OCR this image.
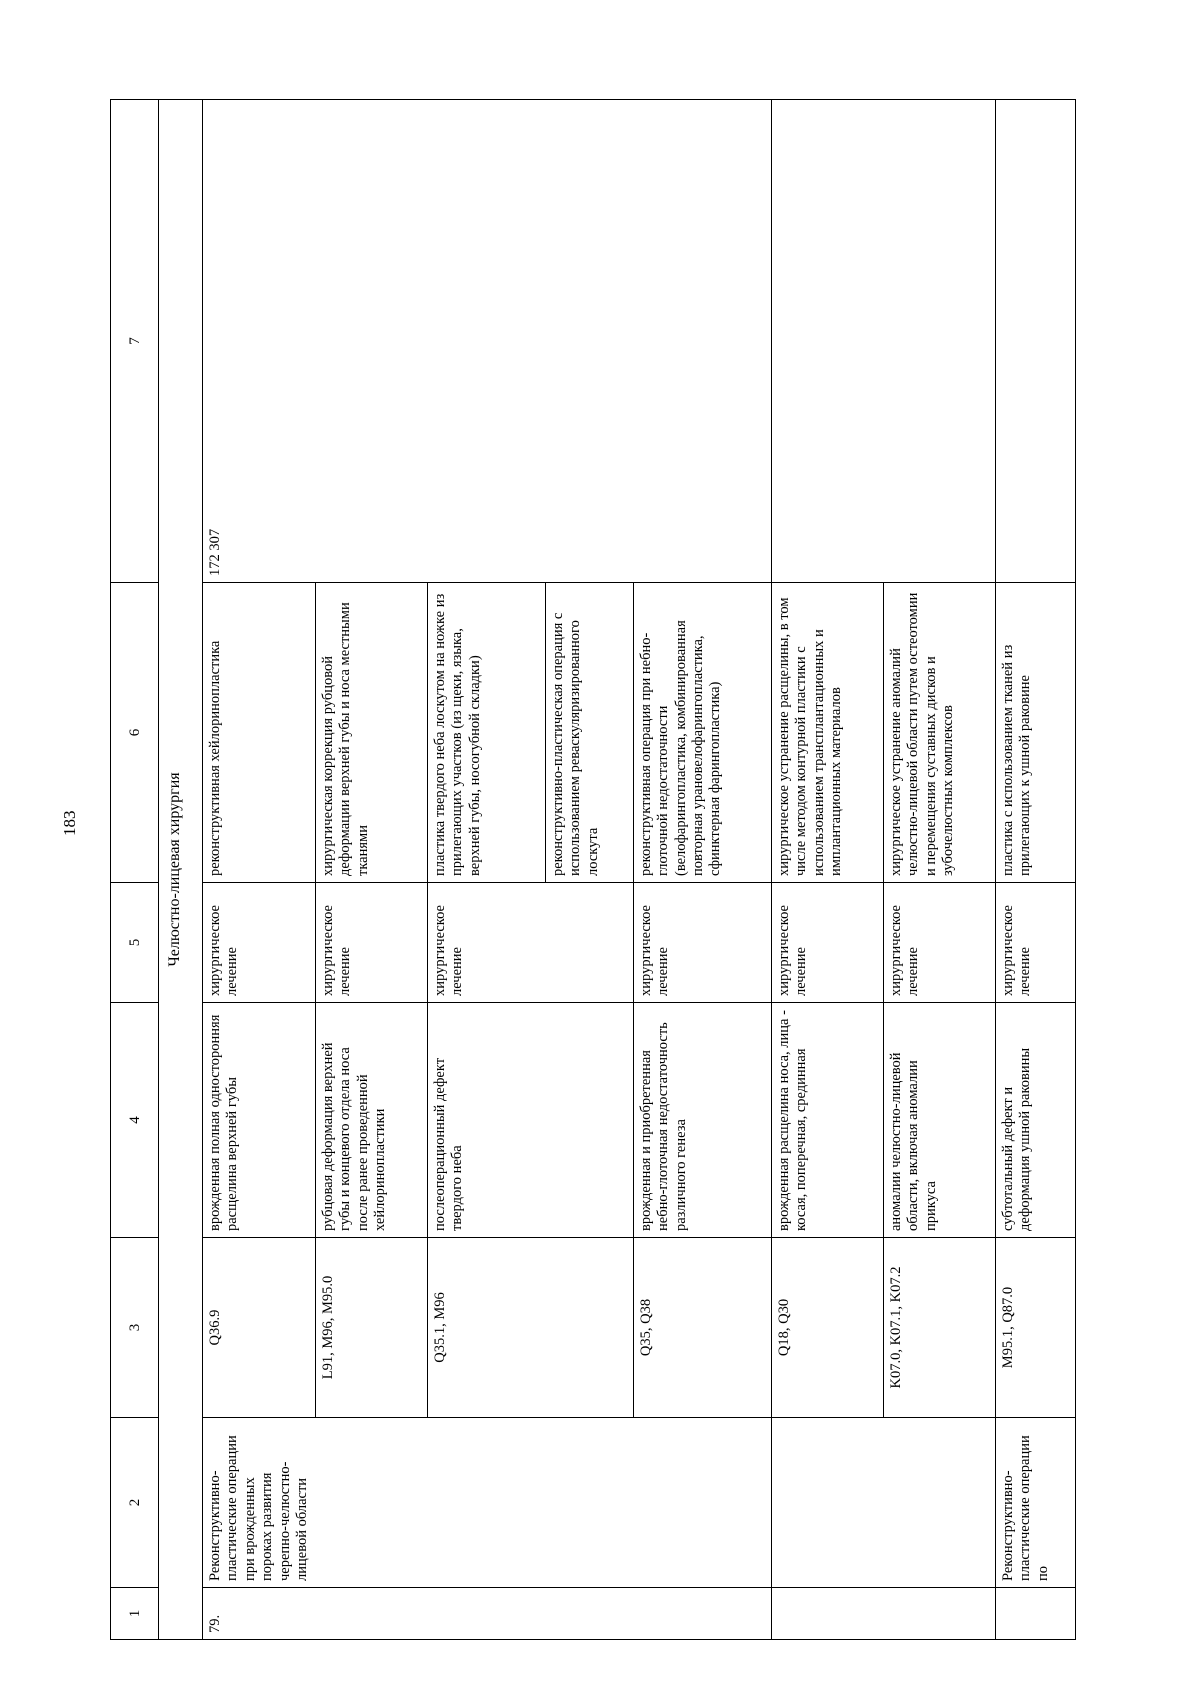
183
1	2	3	4	5	6	7
Челюстно-лицевая хирургия						
79.	Реконструктивно-пластические операции при врожденных пороках развития черепно-челюстно-лицевой области	Q36.9	врожденная полная односторонняя расщелина верхней губы	хирургическое лечение	реконструктивная хейлоринопластика	172 307
		L91, M96, M95.0	рубцовая деформация верхней губы и концевого отдела носа после ранее проведенной хейлоринопластики	хирургическое лечение	хирургическая коррекция рубцовой деформации верхней губы и носа местными тканями	
		Q35.1, M96	послеоперационный дефект твердого неба	хирургическое лечение	пластика твердого неба лоскутом на ножке из прилегающих участков (из щеки, языка, верхней губы, носогубной складки)	
					реконструктивно-пластическая операция с использованием реваскуляризированного лоскута	
		Q35, Q38	врожденная и приобретенная небно-глоточная недостаточность различного генеза	хирургическое лечение	реконструктивная операция при небно-глоточной недостаточности (велофарингопластика, комбинированная повторная урановелофарингопластика, сфинктерная фарингопластика)	
		Q18, Q30	врожденная расщелина носа, лица - косая, поперечная, срединная	хирургическое лечение	хирургическое устранение расщелины, в том числе методом контурной пластики с использованием трансплантационных и имплантационных материалов	
		K07.0, K07.1, K07.2	аномалии челюстно-лицевой области, включая аномалии прикуса	хирургическое лечение	хирургическое устранение аномалий челюстно-лицевой области путем остеотомии и перемещения суставных дисков и зубочелюстных комплексов	
	Реконструктивно-пластические операции по	M95.1, Q87.0	субтотальный дефект и деформация ушной раковины	хирургическое лечение	пластика с использованием тканей из прилегающих к ушной раковине	
